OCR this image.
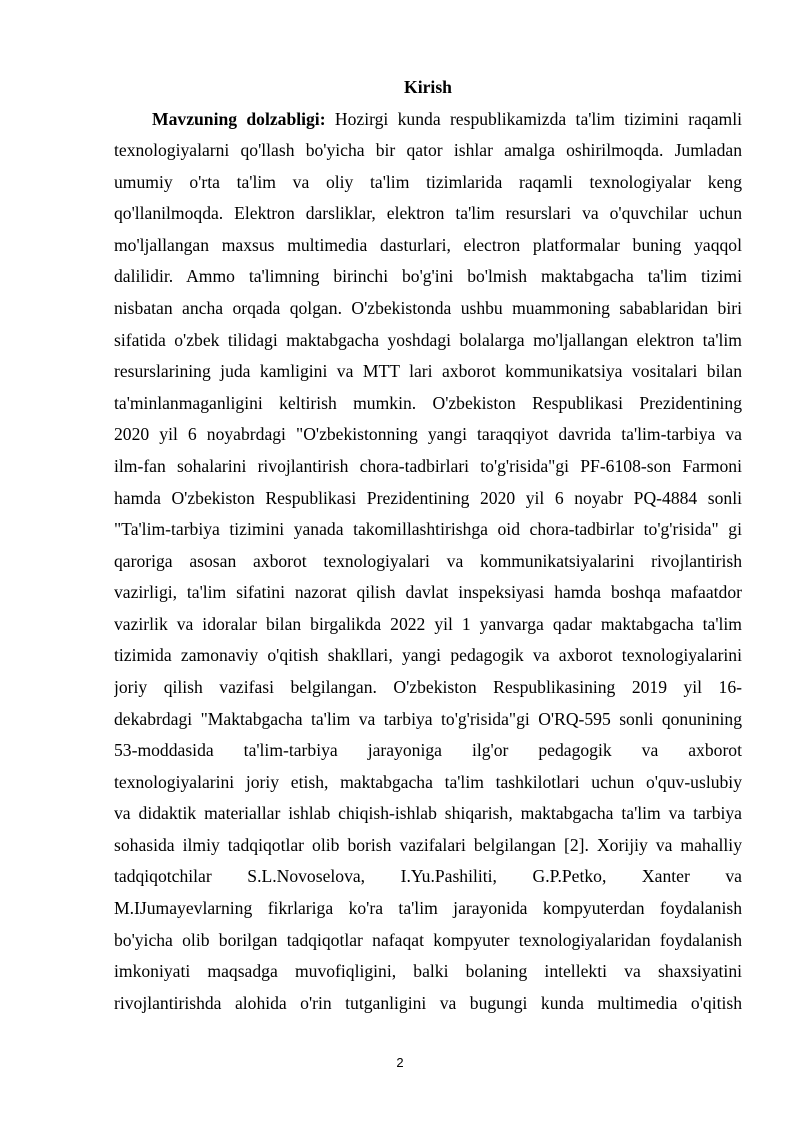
Kirish
Mavzuning dolzabligi: Hozirgi kunda respublikamizda ta'lim tizimini raqamli
texnologiyalarni qo'llash bo'yicha bir qator ishlar amalga oshirilmoqda. Jumladan
umumiy o'rta ta'lim va oliy ta'lim tizimlarida raqamli texnologiyalar keng
qo'llanilmoqda. Elektron darsliklar, elektron ta'lim resurslari va o'quvchilar uchun
mo'ljallangan maxsus multimedia dasturlari, electron platformalar buning yaqqol
dalilidir. Ammo ta'limning birinchi bo'g'ini bo'lmish maktabgacha ta'lim tizimi
nisbatan ancha orqada qolgan. O'zbekistonda ushbu muammoning sabablaridan biri
sifatida o'zbek tilidagi maktabgacha yoshdagi bolalarga mo'ljallangan elektron ta'lim
resurslarining juda kamligini va MTT lari axborot kommunikatsiya vositalari bilan
ta'minlanmaganligini keltirish mumkin. O'zbekiston Respublikasi Prezidentining
2020 yil 6 noyabrdagi "O'zbekistonning yangi taraqqiyot davrida ta'lim-tarbiya va
ilm-fan sohalarini rivojlantirish chora-tadbirlari to'g'risida"gi PF-6108-son Farmoni
hamda O'zbekiston Respublikasi Prezidentining 2020 yil 6 noyabr PQ-4884 sonli
"Ta'lim-tarbiya tizimini yanada takomillashtirishga oid chora-tadbirlar to'g'risida" gi
qaroriga asosan axborot texnologiyalari va kommunikatsiyalarini rivojlantirish
vazirligi, ta'lim sifatini nazorat qilish davlat inspeksiyasi hamda boshqa mafaatdor
vazirlik va idoralar bilan birgalikda 2022 yil 1 yanvarga qadar maktabgacha ta'lim
tizimida zamonaviy o'qitish shakllari, yangi pedagogik va axborot texnologiyalarini
joriy qilish vazifasi belgilangan. O'zbekiston Respublikasining 2019 yil 16-
dekabrdagi "Maktabgacha ta'lim va tarbiya to'g'risida"gi O'RQ-595 sonli qonunining
53-moddasida ta'lim-tarbiya jarayoniga ilg'or pedagogik va axborot
texnologiyalarini joriy etish, maktabgacha ta'lim tashkilotlari uchun o'quv-uslubiy
va didaktik materiallar ishlab chiqish-ishlab shiqarish, maktabgacha ta'lim va tarbiya
sohasida ilmiy tadqiqotlar olib borish vazifalari belgilangan [2]. Xorijiy va mahalliy
tadqiqotchilar S.L.Novoselova, I.Yu.Pashiliti, G.P.Petko, Xanter va
M.IJumayevlarning fikrlariga ko'ra ta'lim jarayonida kompyuterdan foydalanish
bo'yicha olib borilgan tadqiqotlar nafaqat kompyuter texnologiyalaridan foydalanish
imkoniyati maqsadga muvofiqligini, balki bolaning intellekti va shaxsiyatini
rivojlantirishda alohida o'rin tutganligini va bugungi kunda multimedia o'qitish
2
